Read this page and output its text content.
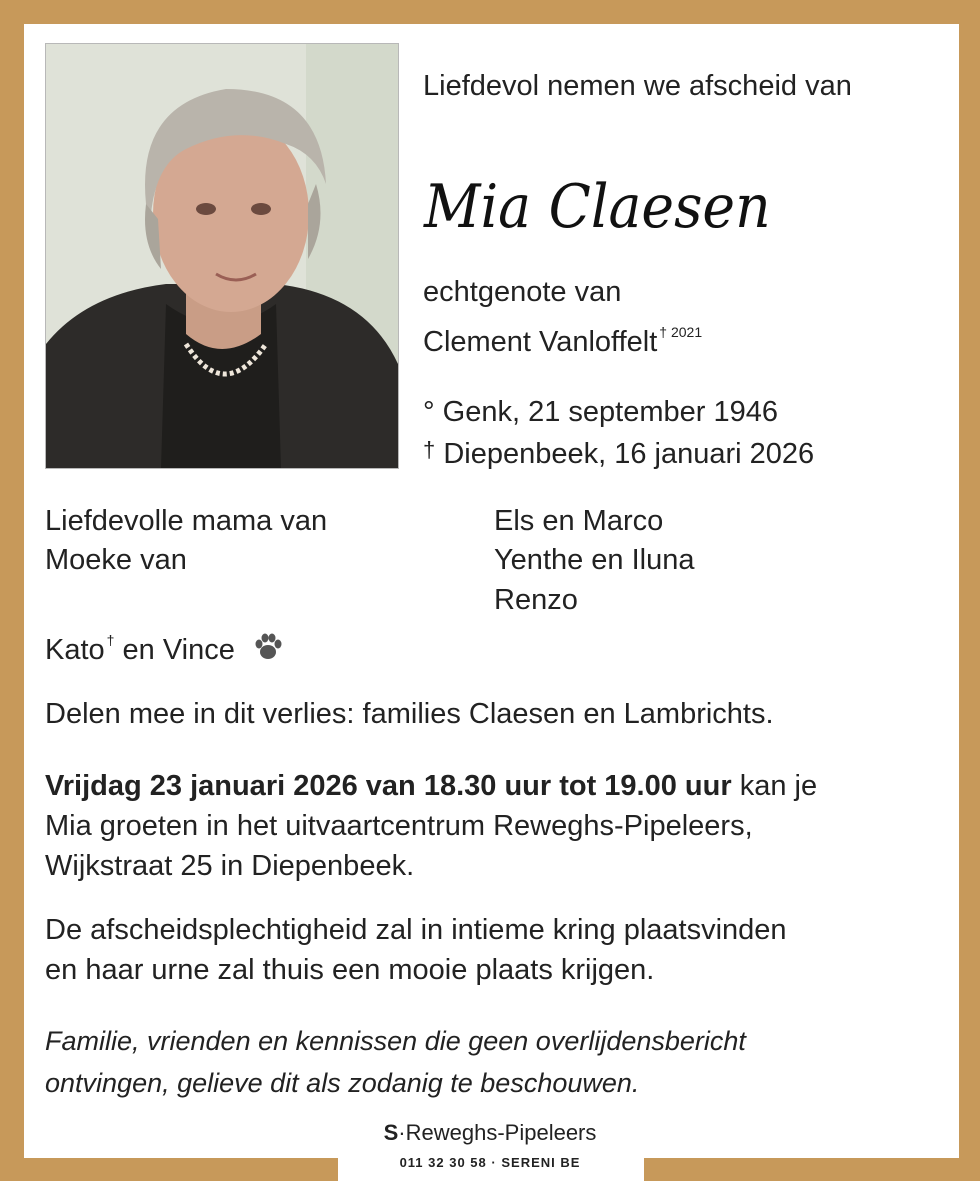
Liefdevol nemen we afscheid van

Mia Claesen

echtgenote van

Clement Vanloffelt $^{\dagger 2021}$

° Genk, 21 september 1946

† Diepenbeek, 16 januari 2026

Liefdevolle mama van

Moeke van

Els en Marco

Yenthe en Iluna

Renzo

Kato † en Vince

Delen mee in dit verlies: families Claesen en Lambrichts.

Vrijdag 23 januari 2026 van 18.30 uur tot 19.00 uur kan je
Mia groeten in het uitvaartcentrum Reweghs-Pipeleers,
Wijkstraat 25 in Diepenbeek.

De afscheidsplechtigheid zal in intieme kring plaatsvinden
en haar urne zal thuis een mooie plaats krijgen.

Familie, vrienden en kennissen die geen overlijdensbericht
ontvingen, gelieve dit als zodanig te beschouwen.

S·Reweghs-Pipeleers
011 32 30 58 · SERENI BE
